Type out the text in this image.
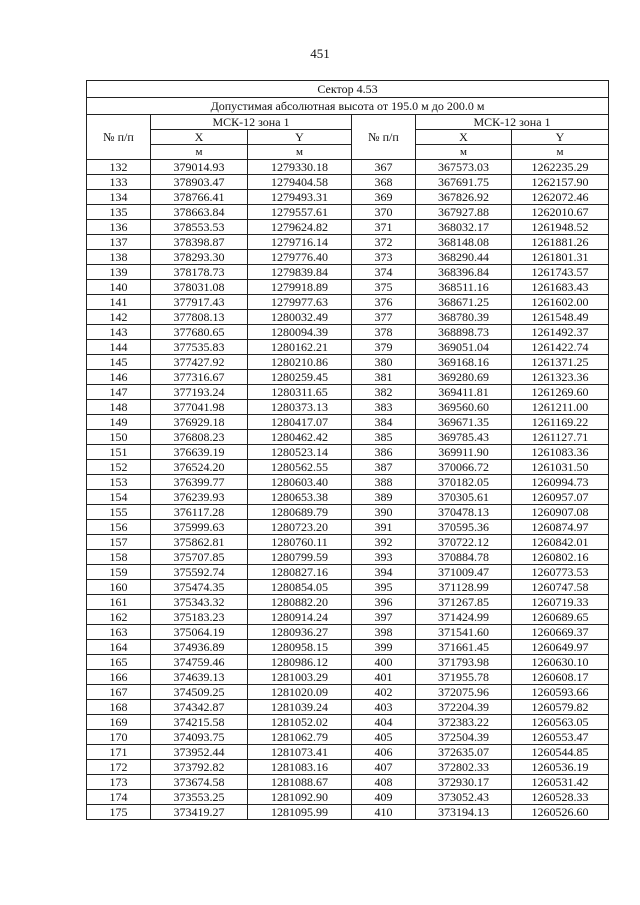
451
Сектор 4.53					
Допустимая абсолютная высота от 195.0 м до 200.0 м					
№ п/п	МСК-12 зона 1		№ п/п	МСК-12 зона 1	
	X	Y		X	Y
	м	м		м	м
132	379014.93	1279330.18	367	367573.03	1262235.29
133	378903.47	1279404.58	368	367691.75	1262157.90
134	378766.41	1279493.31	369	367826.92	1262072.46
135	378663.84	1279557.61	370	367927.88	1262010.67
136	378553.53	1279624.82	371	368032.17	1261948.52
137	378398.87	1279716.14	372	368148.08	1261881.26
138	378293.30	1279776.40	373	368290.44	1261801.31
139	378178.73	1279839.84	374	368396.84	1261743.57
140	378031.08	1279918.89	375	368511.16	1261683.43
141	377917.43	1279977.63	376	368671.25	1261602.00
142	377808.13	1280032.49	377	368780.39	1261548.49
143	377680.65	1280094.39	378	368898.73	1261492.37
144	377535.83	1280162.21	379	369051.04	1261422.74
145	377427.92	1280210.86	380	369168.16	1261371.25
146	377316.67	1280259.45	381	369280.69	1261323.36
147	377193.24	1280311.65	382	369411.81	1261269.60
148	377041.98	1280373.13	383	369560.60	1261211.00
149	376929.18	1280417.07	384	369671.35	1261169.22
150	376808.23	1280462.42	385	369785.43	1261127.71
151	376639.19	1280523.14	386	369911.90	1261083.36
152	376524.20	1280562.55	387	370066.72	1261031.50
153	376399.77	1280603.40	388	370182.05	1260994.73
154	376239.93	1280653.38	389	370305.61	1260957.07
155	376117.28	1280689.79	390	370478.13	1260907.08
156	375999.63	1280723.20	391	370595.36	1260874.97
157	375862.81	1280760.11	392	370722.12	1260842.01
158	375707.85	1280799.59	393	370884.78	1260802.16
159	375592.74	1280827.16	394	371009.47	1260773.53
160	375474.35	1280854.05	395	371128.99	1260747.58
161	375343.32	1280882.20	396	371267.85	1260719.33
162	375183.23	1280914.24	397	371424.99	1260689.65
163	375064.19	1280936.27	398	371541.60	1260669.37
164	374936.89	1280958.15	399	371661.45	1260649.97
165	374759.46	1280986.12	400	371793.98	1260630.10
166	374639.13	1281003.29	401	371955.78	1260608.17
167	374509.25	1281020.09	402	372075.96	1260593.66
168	374342.87	1281039.24	403	372204.39	1260579.82
169	374215.58	1281052.02	404	372383.22	1260563.05
170	374093.75	1281062.79	405	372504.39	1260553.47
171	373952.44	1281073.41	406	372635.07	1260544.85
172	373792.82	1281083.16	407	372802.33	1260536.19
173	373674.58	1281088.67	408	372930.17	1260531.42
174	373553.25	1281092.90	409	373052.43	1260528.33
175	373419.27	1281095.99	410	373194.13	1260526.60
